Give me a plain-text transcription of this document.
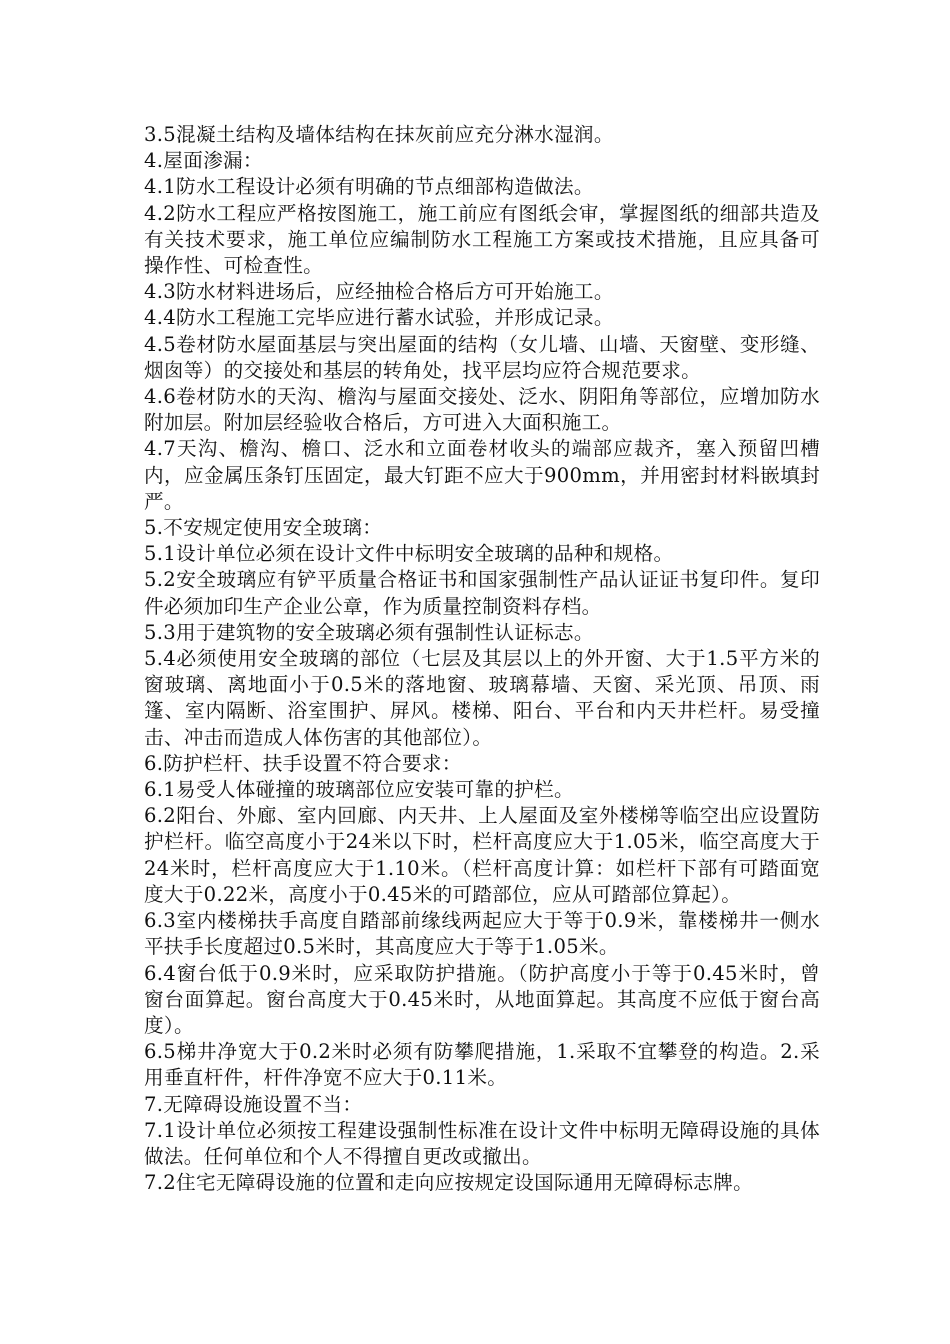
3.5混凝土结构及墙体结构在抹灰前应充分淋水湿润。

4.屋面渗漏：

4.1防水工程设计必须有明确的节点细部构造做法。

4.2防水工程应严格按图施工，施工前应有图纸会审，掌握图纸的细部共造及有关技术要求，施工单位应编制防水工程施工方案或技术措施，且应具备可操作性、可检查性。

4.3防水材料进场后，应经抽检合格后方可开始施工。

4.4防水工程施工完毕应进行蓄水试验，并形成记录。

4.5卷材防水屋面基层与突出屋面的结构（女儿墙、山墙、天窗壁、变形缝、烟囱等）的交接处和基层的转角处，找平层均应符合规范要求。

4.6卷材防水的天沟、檐沟与屋面交接处、泛水、阴阳角等部位，应增加防水附加层。附加层经验收合格后，方可进入大面积施工。

4.7天沟、檐沟、檐口、泛水和立面卷材收头的端部应裁齐，塞入预留凹槽内，应金属压条钉压固定，最大钉距不应大于900mm，并用密封材料嵌填封严。

5.不安规定使用安全玻璃：

5.1设计单位必须在设计文件中标明安全玻璃的品种和规格。

5.2安全玻璃应有铲平质量合格证书和国家强制性产品认证证书复印件。复印件必须加印生产企业公章，作为质量控制资料存档。

5.3用于建筑物的安全玻璃必须有强制性认证标志。

5.4必须使用安全玻璃的部位（七层及其层以上的外开窗、大于1.5平方米的窗玻璃、离地面小于0.5米的落地窗、玻璃幕墙、天窗、采光顶、吊顶、雨篷、室内隔断、浴室围护、屏风。楼梯、阳台、平台和内天井栏杆。易受撞击、冲击而造成人体伤害的其他部位）。

6.防护栏杆、扶手设置不符合要求：

6.1易受人体碰撞的玻璃部位应安装可靠的护栏。

6.2阳台、外廊、室内回廊、内天井、上人屋面及室外楼梯等临空出应设置防护栏杆。临空高度小于24米以下时，栏杆高度应大于1.05米，临空高度大于24米时，栏杆高度应大于1.10米。（栏杆高度计算：如栏杆下部有可踏面宽度大于0.22米，高度小于0.45米的可踏部位，应从可踏部位算起）。

6.3室内楼梯扶手高度自踏部前缘线两起应大于等于0.9米，靠楼梯井一侧水平扶手长度超过0.5米时，其高度应大于等于1.05米。

6.4窗台低于0.9米时，应采取防护措施。（防护高度小于等于0.45米时，曾窗台面算起。窗台高度大于0.45米时，从地面算起。其高度不应低于窗台高度）。

6.5梯井净宽大于0.2米时必须有防攀爬措施，1.采取不宜攀登的构造。2.采用垂直杆件，杆件净宽不应大于0.11米。

7.无障碍设施设置不当：

7.1设计单位必须按工程建设强制性标准在设计文件中标明无障碍设施的具体做法。任何单位和个人不得擅自更改或撤出。

7.2住宅无障碍设施的位置和走向应按规定设国际通用无障碍标志牌。
